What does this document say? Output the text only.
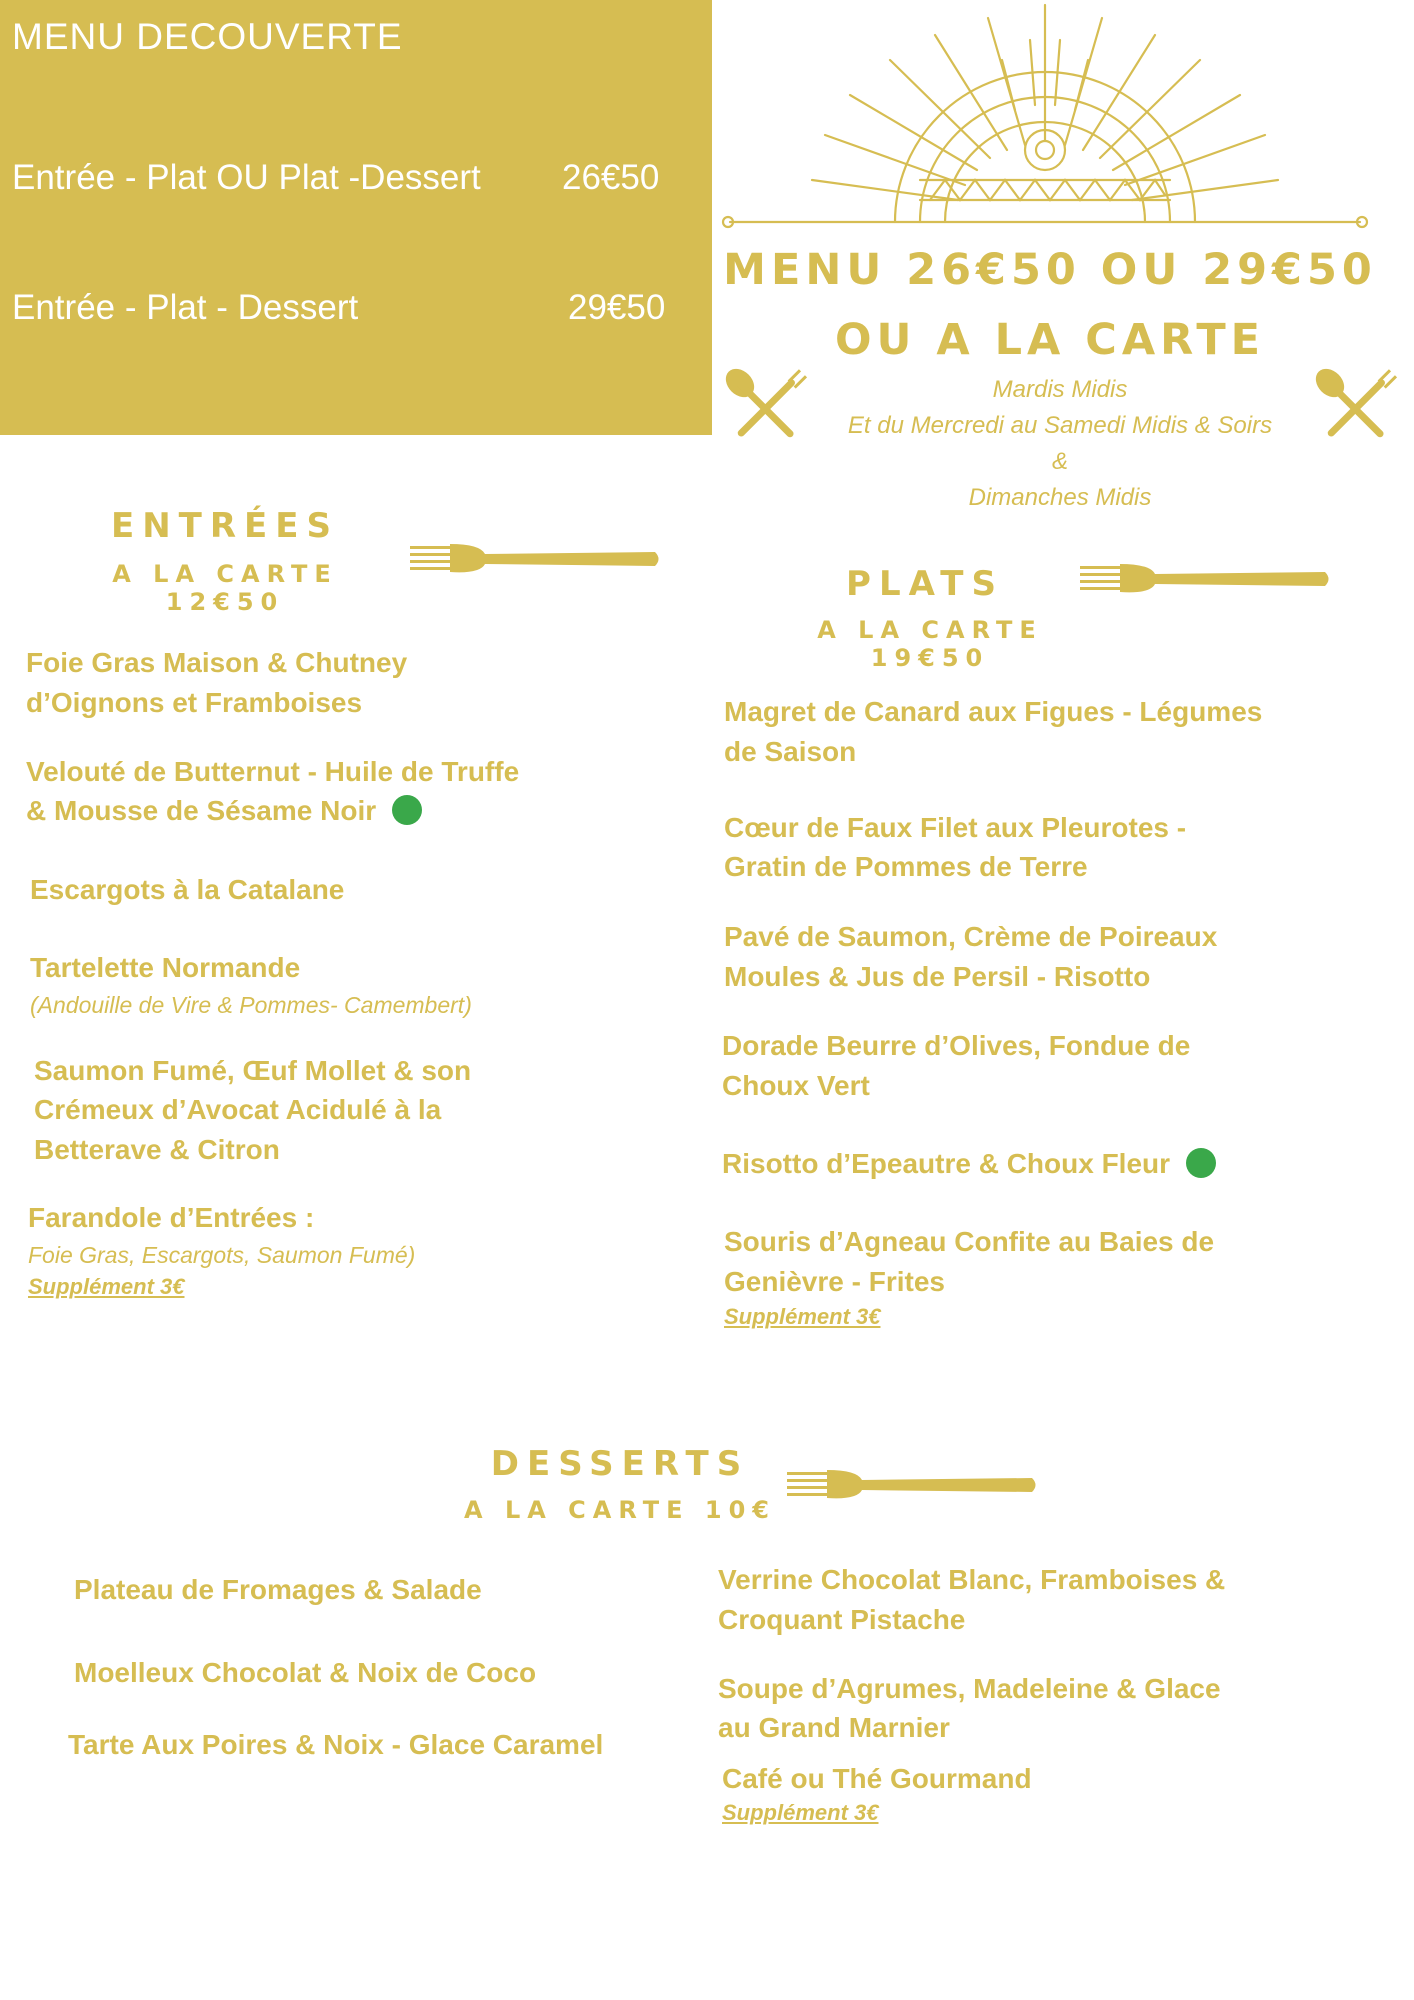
MENU DECOUVERTE
Entrée - Plat OU Plat -Dessert 26€50
Entrée - Plat - Dessert	29€50
MENU 26€50 OU 29€50
OU A LA CARTE
Mardis Midis
Et du Mercredi au Samedi Midis & Soirs
&
Dimanches Midis
ENTRÉES
A LA CARTE 12€50
Foie Gras Maison & Chutney
d’Oignons et Framboises
Velouté de Butternut - Huile de Truffe
& Mousse de Sésame Noir
Escargots à la Catalane
Tartelette Normande
(Andouille de Vire & Pommes- Camembert)
Saumon Fumé, Œuf Mollet & son
Crémeux d’Avocat Acidulé à la
Betterave & Citron
Farandole d’Entrées :
Foie Gras, Escargots, Saumon Fumé)
Supplément 3€
PLATS
A LA CARTE 19€50
Magret de Canard aux Figues - Légumes
de Saison
Cœur de Faux Filet aux Pleurotes -
Gratin de Pommes de Terre
Pavé de Saumon, Crème de Poireaux
Moules & Jus de Persil - Risotto
Dorade Beurre d’Olives, Fondue de
Choux Vert
Risotto d’Epeautre & Choux Fleur
Souris d’Agneau Confite au Baies de
Genièvre - Frites
Supplément 3€
DESSERTS
A LA CARTE 10€
Plateau de Fromages & Salade
Moelleux Chocolat & Noix de Coco
Tarte Aux Poires & Noix - Glace Caramel
Verrine Chocolat Blanc, Framboises &
Croquant Pistache
Soupe d’Agrumes, Madeleine & Glace
au Grand Marnier
Café ou Thé Gourmand
Supplément 3€
